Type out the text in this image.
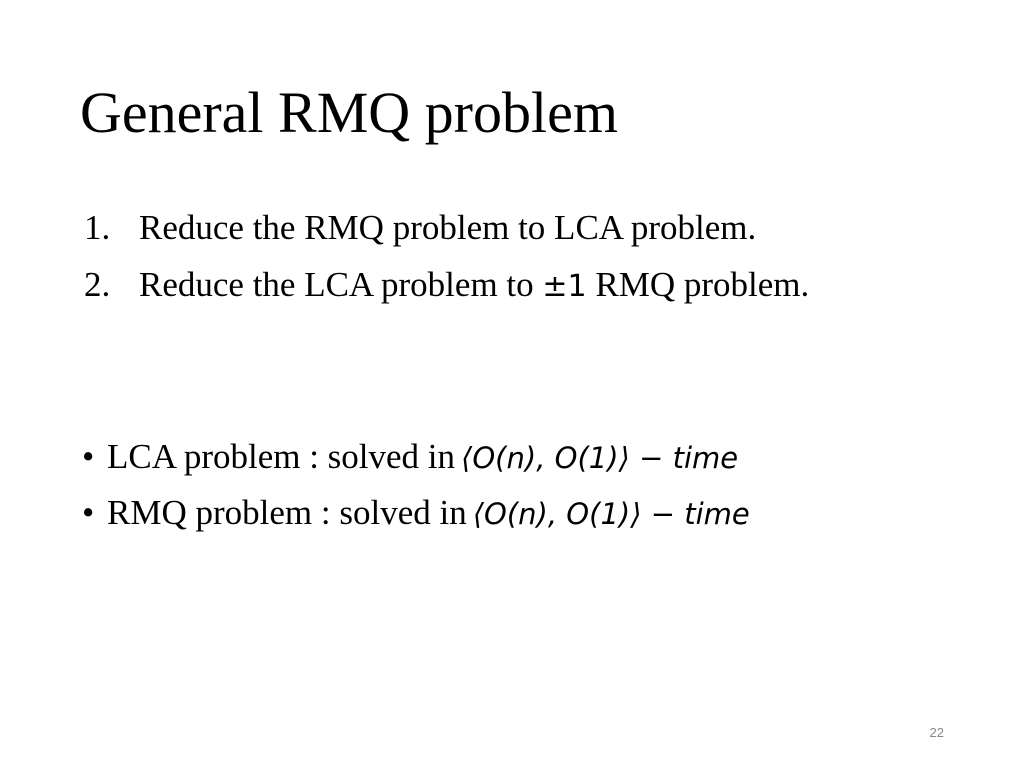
General RMQ problem
1. Reduce the RMQ problem to LCA problem.
2. Reduce the LCA problem to ±1 RMQ problem.
• LCA problem : solved in ⟨O(n), O(1)⟩ − time
• RMQ problem : solved in ⟨O(n), O(1)⟩ − time
22
